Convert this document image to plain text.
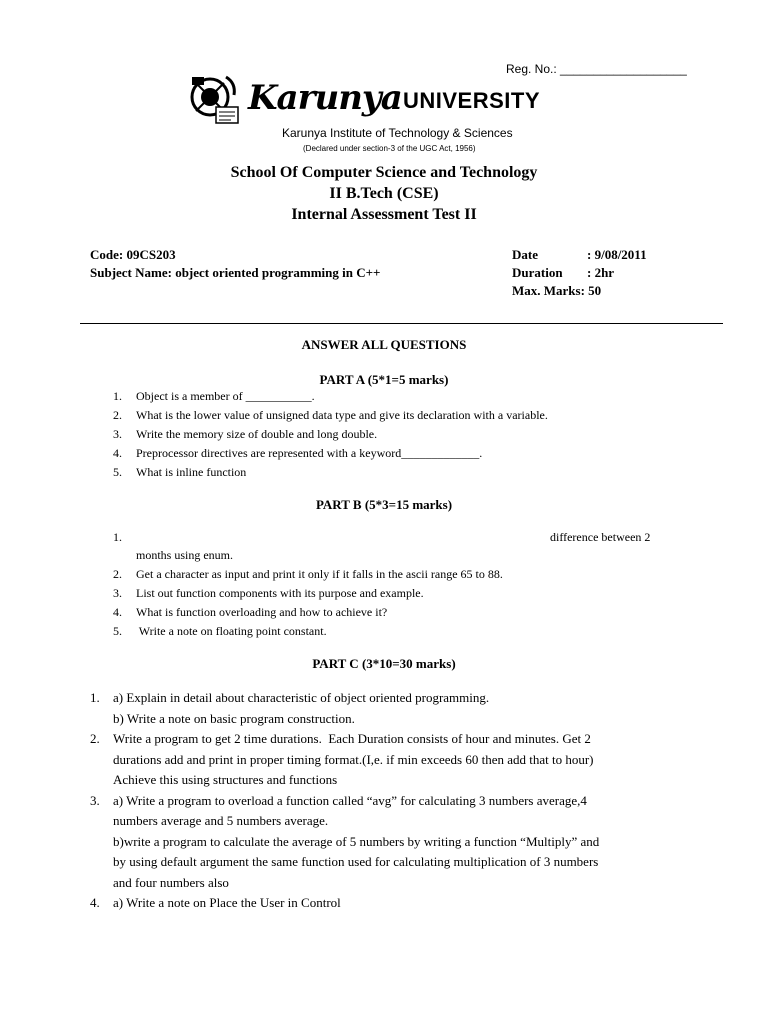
Reg. No.: ___________________
Karunya UNIVERSITY
Karunya Institute of Technology & Sciences
(Declared under section-3 of the UGC Act, 1956)
School Of Computer Science and Technology
II B.Tech (CSE)
Internal Assessment Test II
Code: 09CS203
Subject Name: object oriented programming in C++
Date	: 9/08/2011
Duration : 2hr
Max. Marks: 50
ANSWER ALL QUESTIONS
PART A (5*1=5 marks)
1. Object is a member of ___________.
2. What is the lower value of unsigned data type and give its declaration with a variable.
3. Write the memory size of double and long double.
4. Preprocessor directives are represented with a keyword_____________.
5. What is inline function
PART B (5*3=15 marks)
1.	difference between 2
months using enum.
2. Get a character as input and print it only if it falls in the ascii range 65 to 88.
3. List out function components with its purpose and example.
4. What is function overloading and how to achieve it?
5. Write a note on floating point constant.
PART C (3*10=30 marks)
1. a) Explain in detail about characteristic of object oriented programming.
b) Write a note on basic program construction.
2. Write a program to get 2 time durations.  Each Duration consists of hour and minutes. Get 2
durations add and print in proper timing format.(I,e. if min exceeds 60 then add that to hour)
Achieve this using structures and functions
3. a) Write a program to overload a function called “avg” for calculating 3 numbers average,4
numbers average and 5 numbers average.
b)write a program to calculate the average of 5 numbers by writing a function “Multiply” and
by using default argument the same function used for calculating multiplication of 3 numbers
and four numbers also
4. a) Write a note on Place the User in Control
